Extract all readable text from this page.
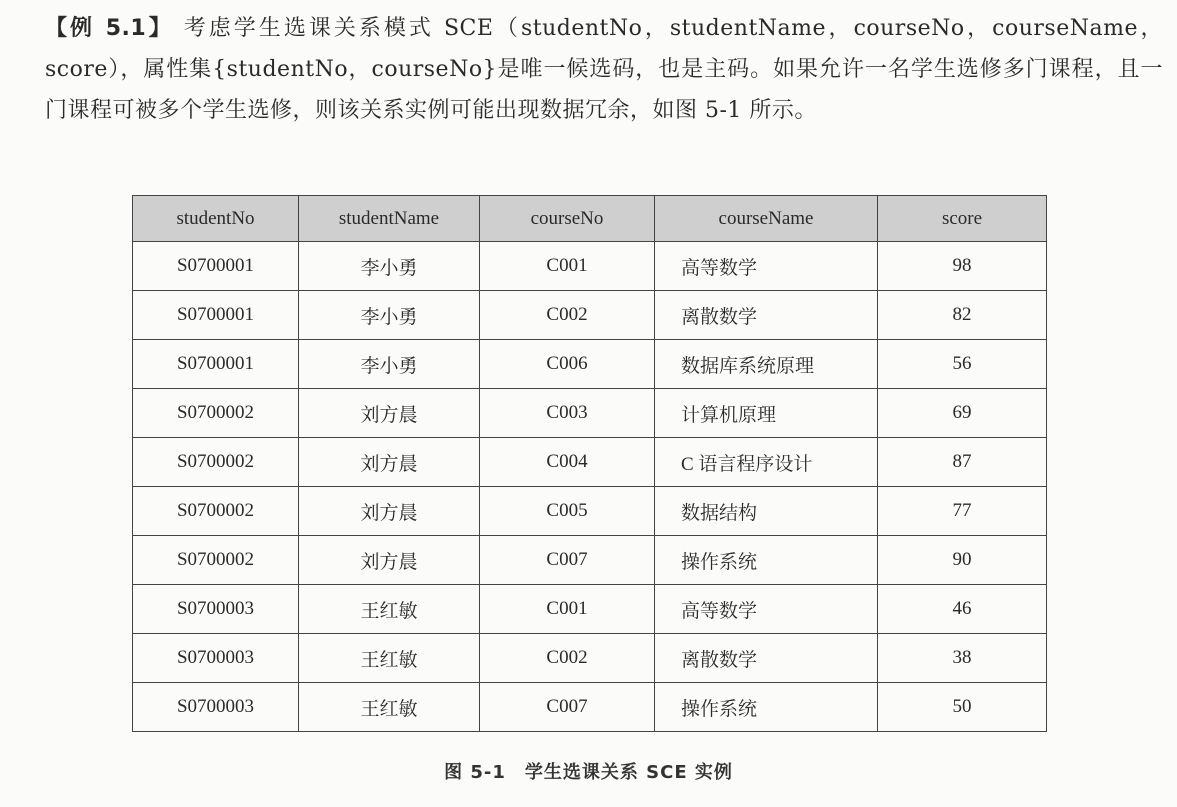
【例 5.1】 考虑学生选课关系模式 SCE（studentNo，studentName，courseNo，courseName，score），属性集{studentNo，courseNo}是唯一候选码，也是主码。如果允许一名学生选修多门课程，且一门课程可被多个学生选修，则该关系实例可能出现数据冗余，如图 5-1 所示。
studentNo	studentName	courseNo	courseName	score
S0700001	李小勇	C001	高等数学	98
S0700001	李小勇	C002	离散数学	82
S0700001	李小勇	C006	数据库系统原理	56
S0700002	刘方晨	C003	计算机原理	69
S0700002	刘方晨	C004	C 语言程序设计	87
S0700002	刘方晨	C005	数据结构	77
S0700002	刘方晨	C007	操作系统	90
S0700003	王红敏	C001	高等数学	46
S0700003	王红敏	C002	离散数学	38
S0700003	王红敏	C007	操作系统	50
图 5-1　学生选课关系 SCE 实例
